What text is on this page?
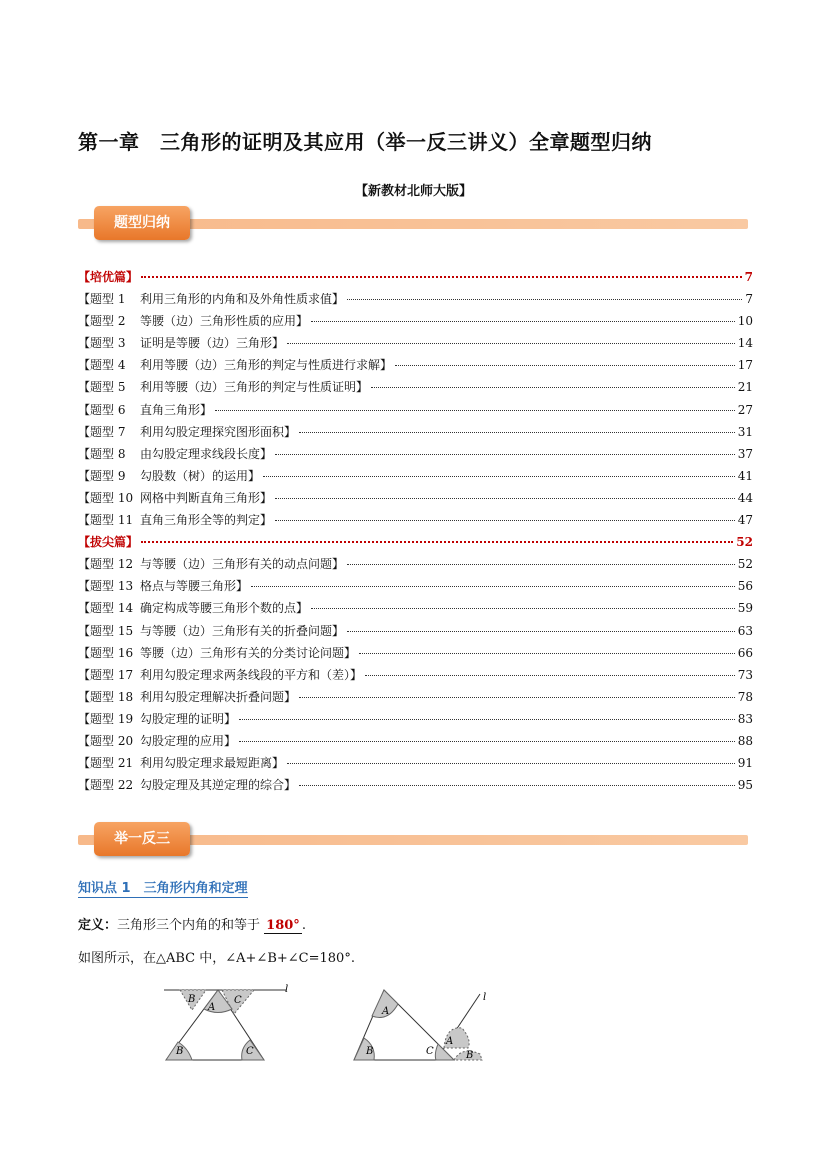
第一章　三角形的证明及其应用（举一反三讲义）全章题型归纳
【新教材北师大版】
题型归纳
【培优篇】	7
【题型 1 利用三角形的内角和及外角性质求值】	7
【题型 2 等腰（边）三角形性质的应用】	10
【题型 3 证明是等腰（边）三角形】	14
【题型 4 利用等腰（边）三角形的判定与性质进行求解】	17
【题型 5 利用等腰（边）三角形的判定与性质证明】	21
【题型 6 直角三角形】	27
【题型 7 利用勾股定理探究图形面积】	31
【题型 8 由勾股定理求线段长度】	37
【题型 9 勾股数（树）的运用】	41
【题型 10 网格中判断直角三角形】	44
【题型 11 直角三角形全等的判定】	47
【拔尖篇】	52
【题型 12 与等腰（边）三角形有关的动点问题】	52
【题型 13 格点与等腰三角形】	56
【题型 14 确定构成等腰三角形个数的点】	59
【题型 15 与等腰（边）三角形有关的折叠问题】	63
【题型 16 等腰（边）三角形有关的分类讨论问题】	66
【题型 17 利用勾股定理求两条线段的平方和（差）】	73
【题型 18 利用勾股定理解决折叠问题】	78
【题型 19 勾股定理的证明】	83
【题型 20 勾股定理的应用】	88
【题型 21 利用勾股定理求最短距离】	91
【题型 22 勾股定理及其逆定理的综合】	95
举一反三
知识点 1　三角形内角和定理
定义：三角形三个内角的和等于 180° .
如图所示，在△ABC 中，∠A+∠B+∠C=180°.
B	C
A
B	C
l
A
B	C
A
B
l
